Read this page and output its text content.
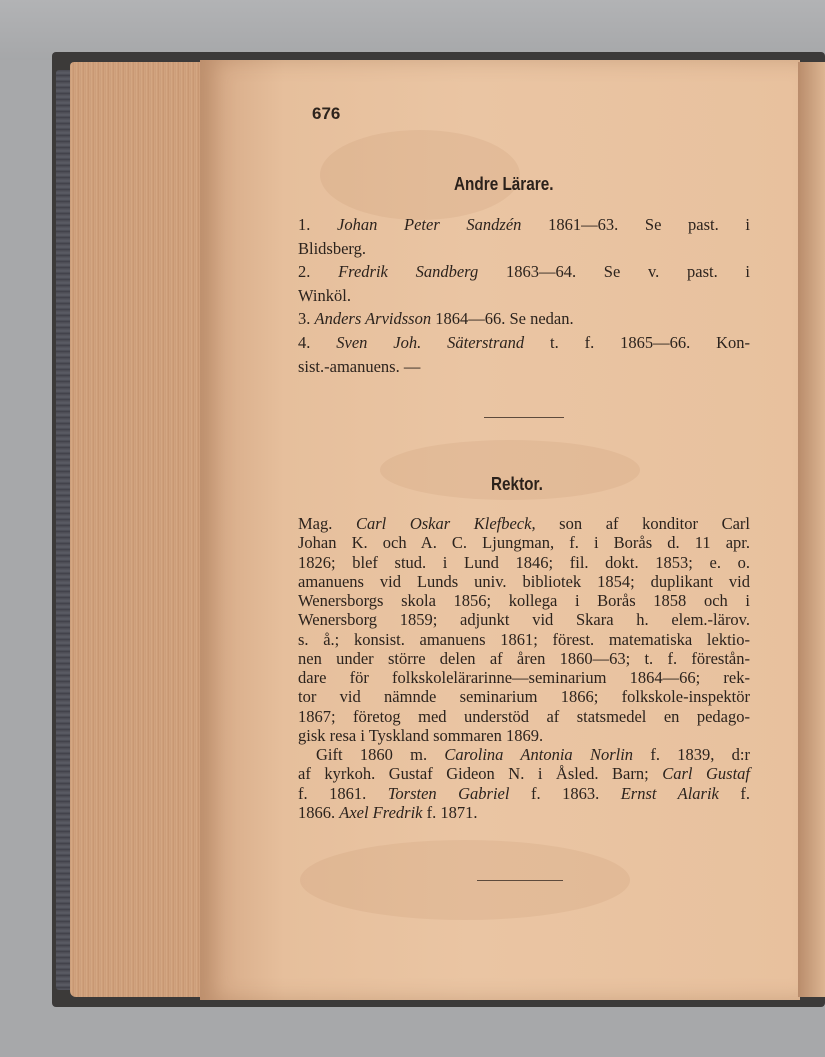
676
Andre Lärare.
1. Johan Peter Sandzén 1861—63. Se past. i
Blidsberg.
2. Fredrik Sandberg 1863—64. Se v. past. i
Winköl.
3. Anders Arvidsson 1864—66. Se nedan.
4. Sven Joh. Säterstrand t. f. 1865—66. Kon-
sist.-amanuens. —
Rektor.
Mag. Carl Oskar Klefbeck, son af konditor Carl
Johan K. och A. C. Ljungman, f. i Borås d. 11 apr.
1826; blef stud. i Lund 1846; fil. dokt. 1853; e. o.
amanuens vid Lunds univ. bibliotek 1854; duplikant vid
Wenersborgs skola 1856; kollega i Borås 1858 och i
Wenersborg 1859; adjunkt vid Skara h. elem.-lärov.
s. å.; konsist. amanuens 1861; förest. matematiska lektio-
nen under större delen af åren 1860—63; t. f. förestån-
dare för folkskolelärarinne—seminarium 1864—66; rek-
tor vid nämnde seminarium 1866; folkskole-inspektör
1867; företog med understöd af statsmedel en pedago-
gisk resa i Tyskland sommaren 1869.
Gift 1860 m. Carolina Antonia Norlin f. 1839, d:r
af kyrkoh. Gustaf Gideon N. i Åsled. Barn; Carl Gustaf
f. 1861. Torsten Gabriel f. 1863. Ernst Alarik f.
1866. Axel Fredrik f. 1871.
